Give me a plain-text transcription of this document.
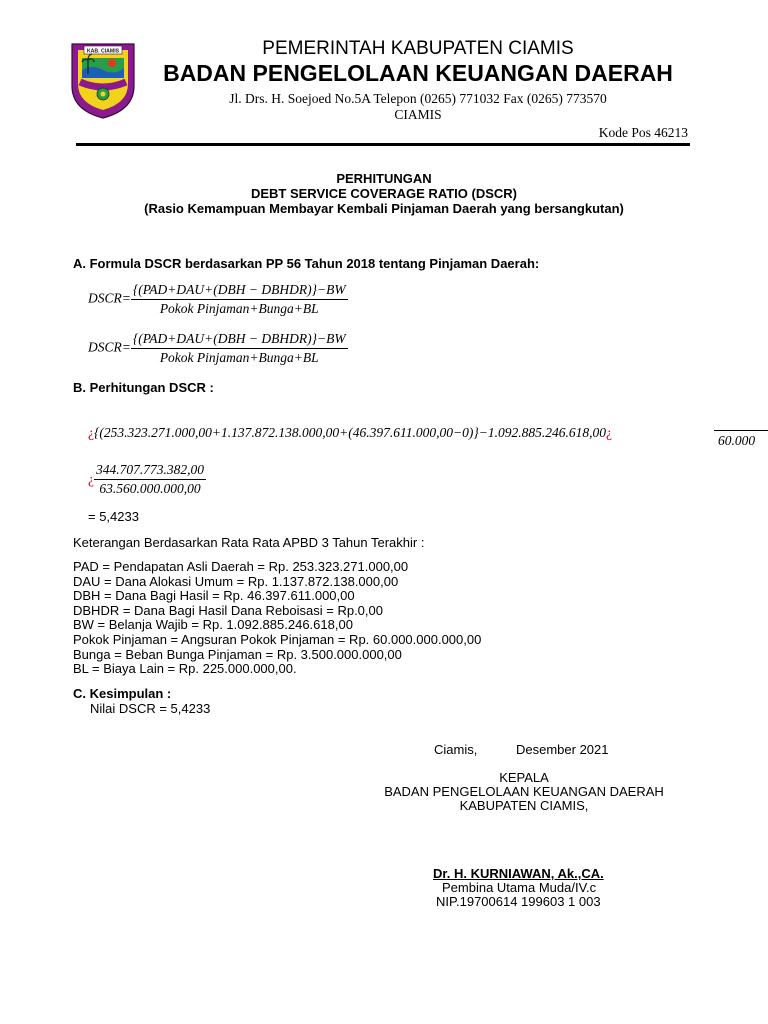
KAB. CIAMIS	PEMERINTAH KABUPATEN CIAMIS
BADAN PENGELOLAAN KEUANGAN DAERAH
Jl. Drs. H. Soejoed No.5A Telepon (0265) 771032 Fax (0265) 773570
CIAMIS
Kode Pos 46213
PERHITUNGAN
DEBT SERVICE COVERAGE RATIO (DSCR)
(Rasio Kemampuan Membayar Kembali Pinjaman Daerah yang bersangkutan)
A. Formula DSCR berdasarkan PP 56 Tahun 2018 tentang Pinjaman Daerah:
DSCR= $\frac{\text{\{(PAD+DAU+(DBH − DBHDR)\}−BW}}{\text{Pokok Pinjaman+Bunga+BL}}$
DSCR= $\frac{\text{\{(PAD+DAU+(DBH − DBHDR)\}−BW}}{\text{Pokok Pinjaman+Bunga+BL}}$
B. Perhitungan DSCR :
¿{(253.323.271.000,00+1.137.872.138.000,00+(46.397.611.000,00−0)}−1.092.885.246.618,00¿
60.000
¿ $\frac{344.707.773.382,00}{63.560.000.000,00}$
= 5,4233
Keterangan Berdasarkan Rata Rata APBD 3 Tahun Terakhir :
PAD = Pendapatan Asli Daerah = Rp. 253.323.271.000,00
DAU = Dana Alokasi Umum = Rp. 1.137.872.138.000,00
DBH = Dana Bagi Hasil = Rp. 46.397.611.000,00
DBHDR = Dana Bagi Hasil Dana Reboisasi = Rp.0,00
BW = Belanja Wajib = Rp. 1.092.885.246.618,00
Pokok Pinjaman = Angsuran Pokok Pinjaman = Rp. 60.000.000.000,00
Bunga = Beban Bunga Pinjaman = Rp. 3.500.000.000,00
BL = Biaya Lain = Rp. 225.000.000,00.
C. Kesimpulan :
Nilai DSCR = 5,4233
Ciamis,	Desember 2021
KEPALA
BADAN PENGELOLAAN KEUANGAN DAERAH
KABUPATEN CIAMIS,
Dr. H. KURNIAWAN, Ak.,CA.
Pembina Utama Muda/IV.c
NIP.19700614 199603 1 003
